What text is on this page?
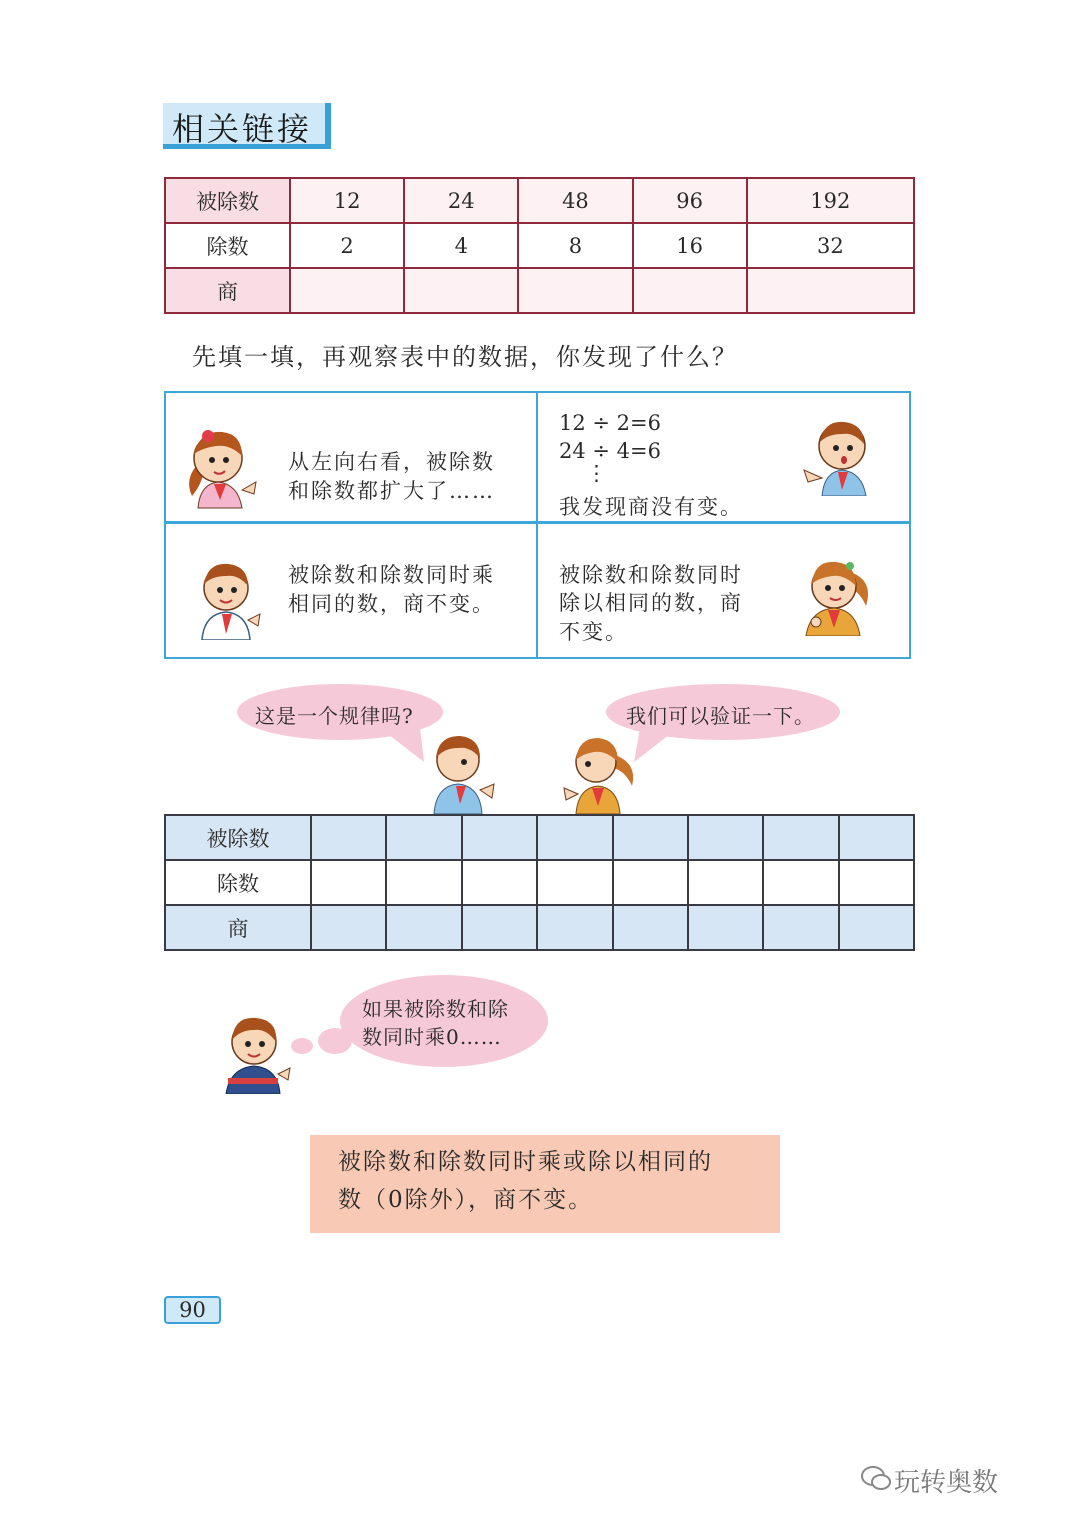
相关链接
被除数	12	24	48	96	192
除数	2	4	8	16	32
商					
先填一填，再观察表中的数据，你发现了什么？
从左向右看，被除数
和除数都扩大了……
12 ÷ 2=6
24 ÷ 4=6
⋮
我发现商没有变。
被除数和除数同时乘
相同的数，商不变。
被除数和除数同时
除以相同的数，商
不变。
这是一个规律吗?	我们可以验证一下。
被除数								
除数								
商								
如果被除数和除
数同时乘0……
被除数和除数同时乘或除以相同的
数（0除外），商不变。
90
玩转奥数
